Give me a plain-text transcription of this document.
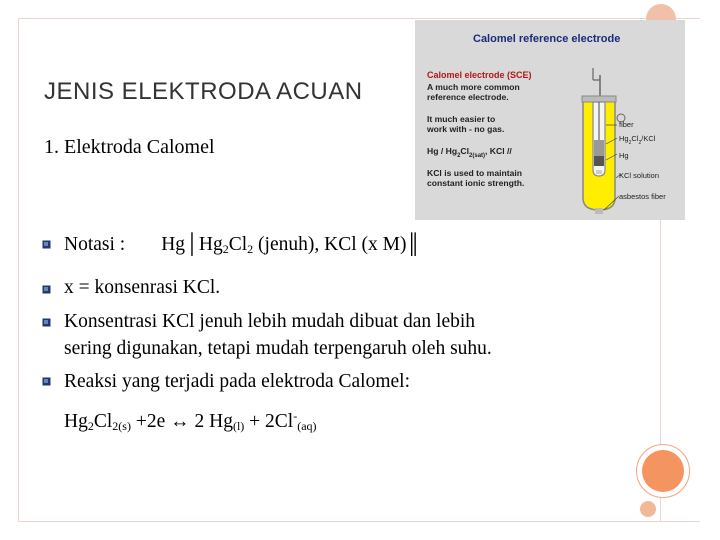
JENIS ELEKTRODA ACUAN
1. Elektroda Calomel
Calomel reference electrode
Calomel electrode (SCE)
A much more common
reference electrode.
It much easier to
work with - no gas.
Hg / $Hg_2Cl_{2(sat)}$, KCl //
KCl is used to maintain
constant ionic strength.
fiber
$Hg_2Cl_2$/KCl
Hg
KCl solution
asbestos fiber
Notasi : $Hg│Hg_2Cl_2$ (jenuh), KCl (x M)║
x = konsenrasi KCl.
Konsentrasi KCl jenuh lebih mudah dibuat dan lebih
sering digunakan, tetapi mudah terpengaruh oleh suhu.
Reaksi yang terjadi pada elektroda Calomel:
$Hg_2Cl_{2(s)} +2e$ ↔ 2 $Hg_{(l)} + 2Cl^-_{(aq)}$
